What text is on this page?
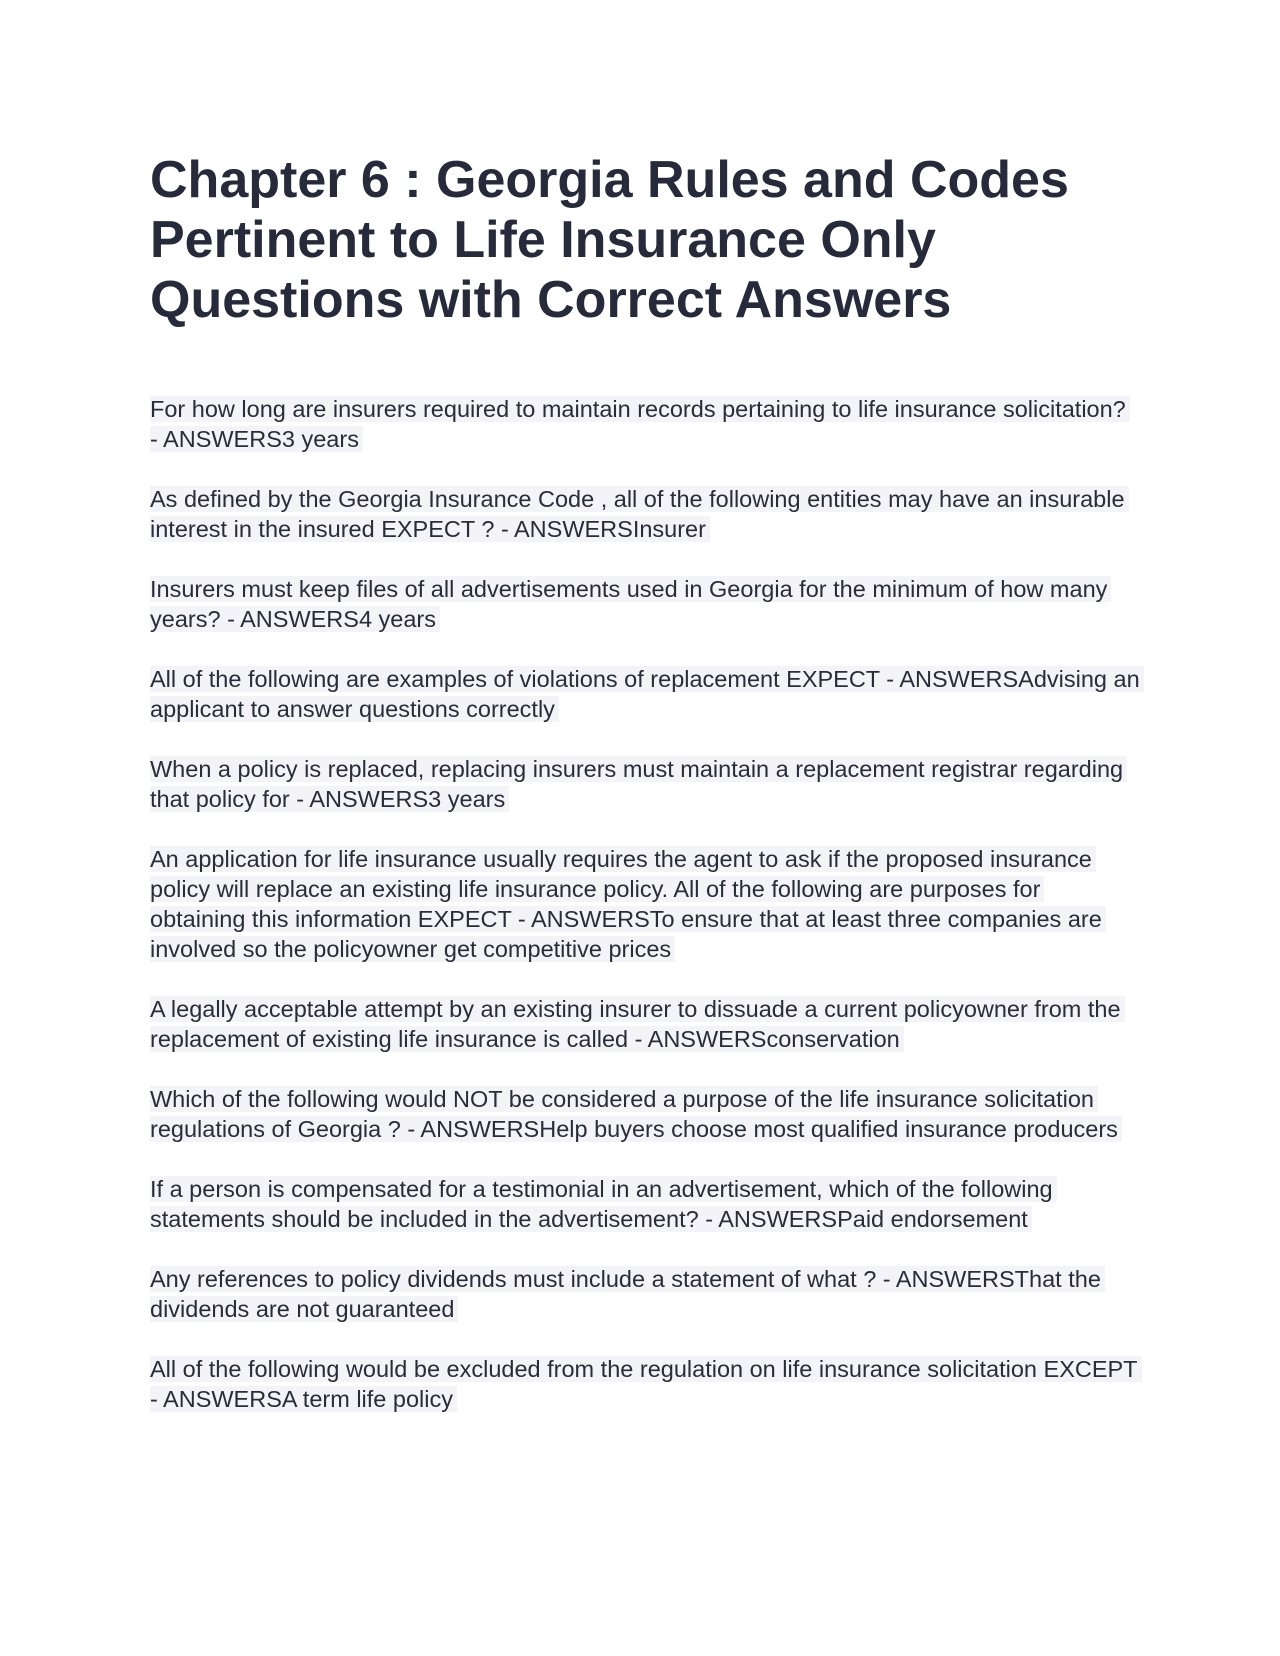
Chapter 6 : Georgia Rules and Codes Pertinent to Life Insurance Only Questions with Correct Answers

For how long are insurers required to maintain records pertaining to life insurance solicitation? - ANSWERS3 years

As defined by the Georgia Insurance Code , all of the following entities may have an insurable interest in the insured EXPECT ? - ANSWERSInsurer

Insurers must keep files of all advertisements used in Georgia for the minimum of how many years? - ANSWERS4 years

All of the following are examples of violations of replacement EXPECT - ANSWERSAdvising an applicant to answer questions correctly

When a policy is replaced, replacing insurers must maintain a replacement registrar regarding that policy for - ANSWERS3 years

An application for life insurance usually requires the agent to ask if the proposed insurance policy will replace an existing life insurance policy. All of the following are purposes for obtaining this information EXPECT - ANSWERSTo ensure that at least three companies are involved so the policyowner get competitive prices

A legally acceptable attempt by an existing insurer to dissuade a current policyowner from the replacement of existing life insurance is called - ANSWERSconservation

Which of the following would NOT be considered a purpose of the life insurance solicitation regulations of Georgia ? - ANSWERSHelp buyers choose most qualified insurance producers

If a person is compensated for a testimonial in an advertisement, which of the following statements should be included in the advertisement? - ANSWERSPaid endorsement

Any references to policy dividends must include a statement of what ? - ANSWERSThat the dividends are not guaranteed

All of the following would be excluded from the regulation on life insurance solicitation EXCEPT - ANSWERSA term life policy
